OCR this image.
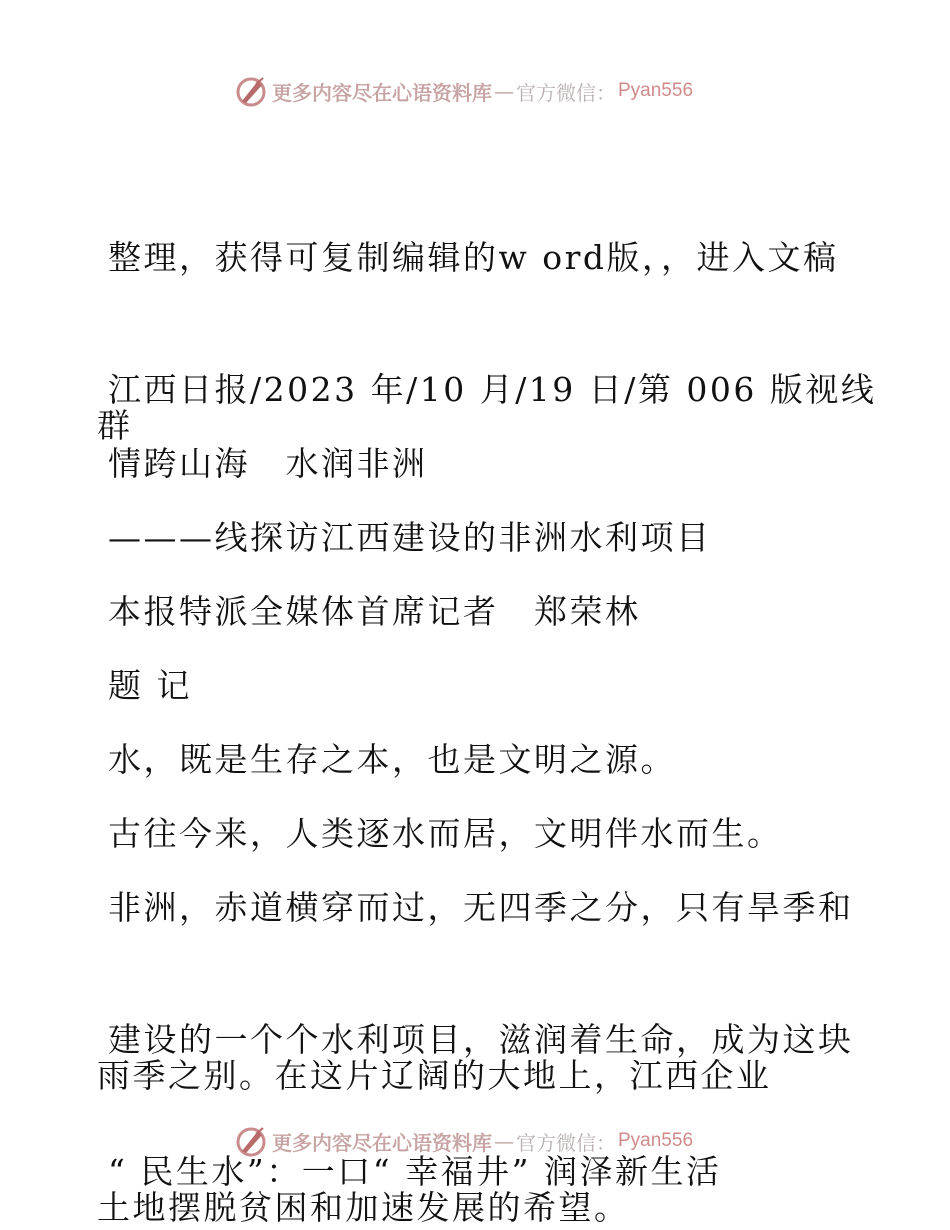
更多内容尽在心语资料库 — 官方微信： Pyan556

整理，获得可复制编辑的w ord版，，进入文稿

群

江西日报/2023 年/10 月/19 日/第 006 版视线

情跨山海　水润非洲

———线探访江西建设的非洲水利项目

本报特派全媒体首席记者　郑荣林

题 记

水，既是生存之本，也是文明之源。

古往今来，人类逐水而居，文明伴水而生。

非洲，赤道横穿而过，无四季之分，只有旱季和

雨季之别。在这片辽阔的大地上，江西企业

建设的一个个水利项目，滋润着生命，成为这块

土地摆脱贫困和加速发展的希望。

“ 民生水”：一口“ 幸福井” 润泽新生活

更多内容尽在心语资料库 — 官方微信： Pyan556
